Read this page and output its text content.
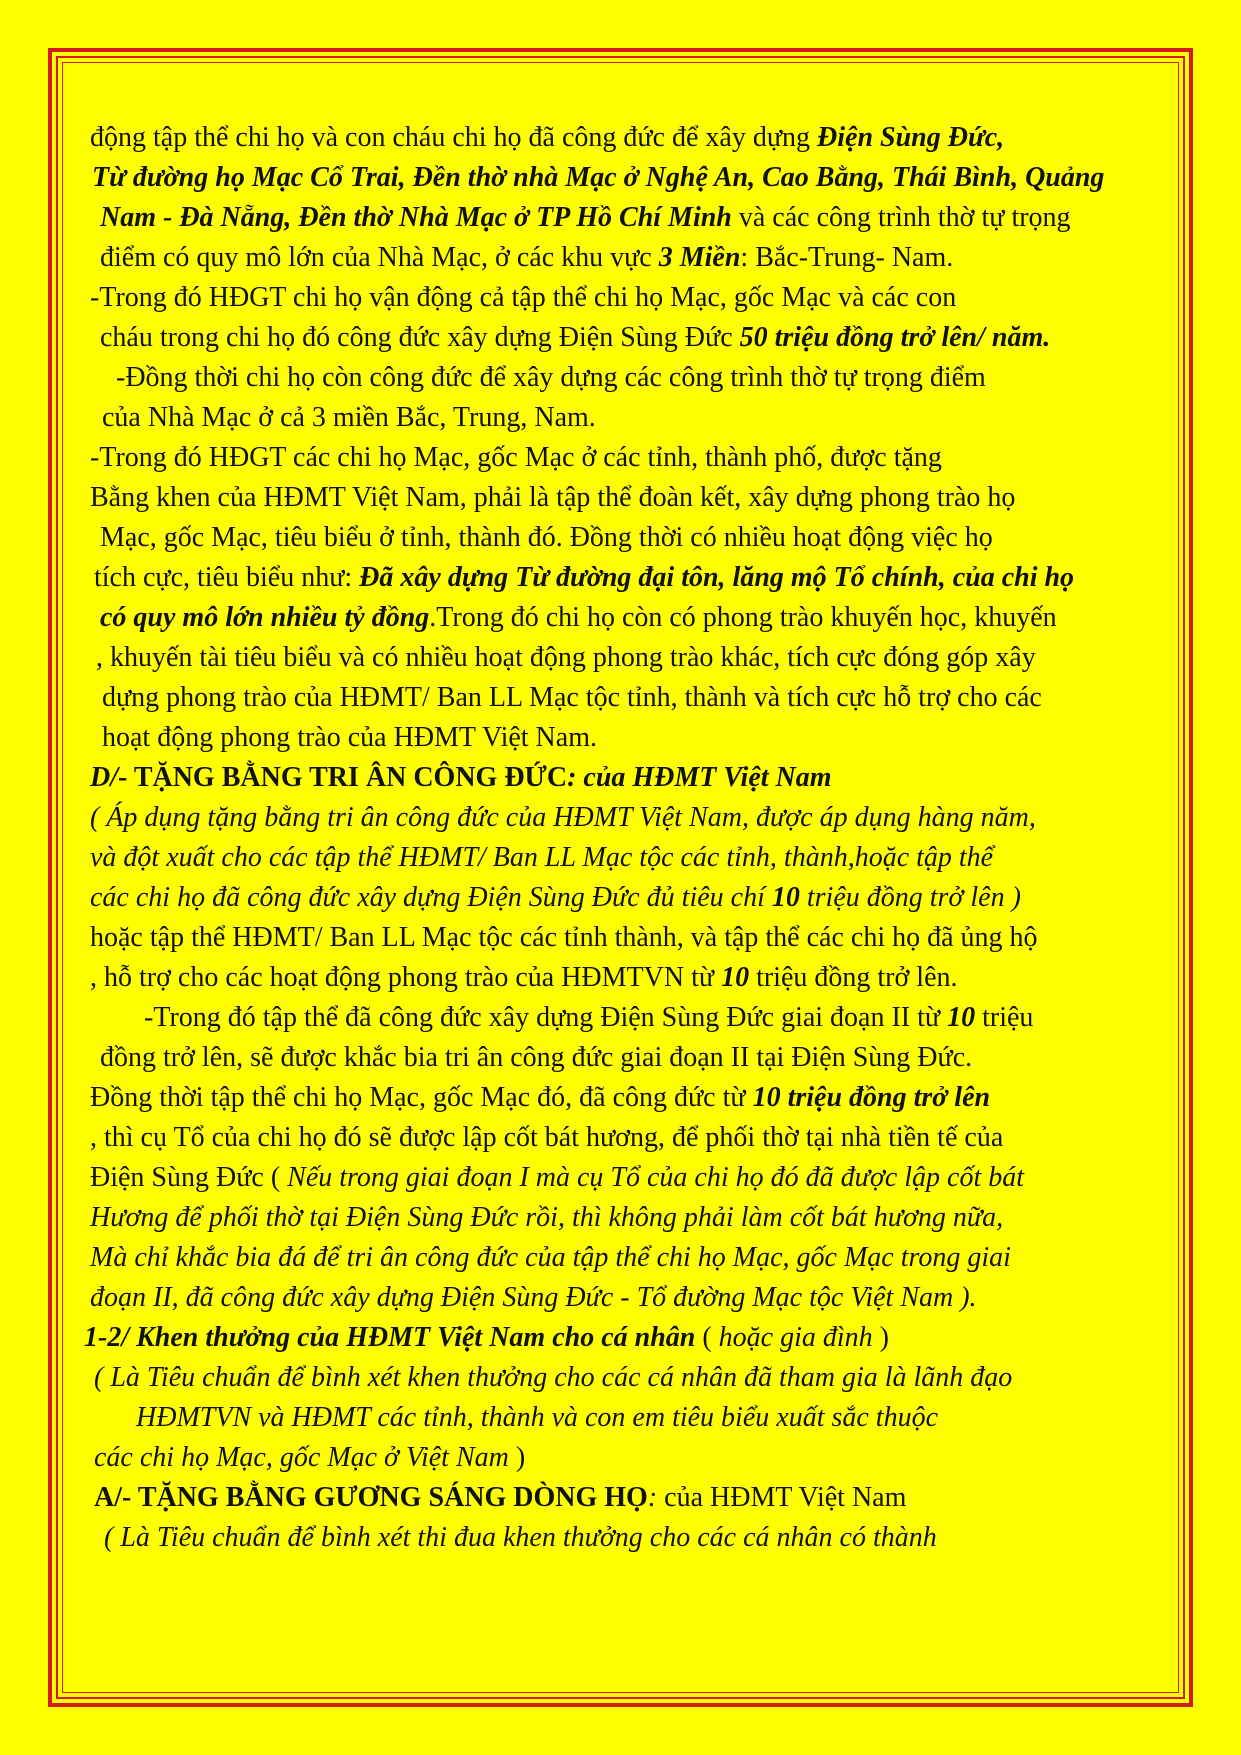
động tập thể chi họ và con cháu chi họ đã công đức để xây dựng Điện Sùng Đức,
Từ đường họ Mạc Cổ Trai, Đền thờ nhà Mạc ở Nghệ An, Cao Bằng, Thái Bình, Quảng
Nam - Đà Nẵng, Đền thờ Nhà Mạc ở TP Hồ Chí Minh và các công trình thờ tự trọng
điểm có quy mô lớn của Nhà Mạc, ở các khu vực 3 Miền: Bắc-Trung- Nam.
-Trong đó HĐGT chi họ vận động cả tập thể chi họ Mạc, gốc Mạc và các con
cháu trong chi họ đó công đức xây dựng Điện Sùng Đức 50 triệu đồng trở lên/ năm.
-Đồng thời chi họ còn công đức để xây dựng các công trình thờ tự trọng điểm
của Nhà Mạc ở cả 3 miền Bắc, Trung, Nam.
-Trong đó HĐGT các chi họ Mạc, gốc Mạc ở các tỉnh, thành phố, được tặng
Bằng khen của HĐMT Việt Nam, phải là tập thể đoàn kết, xây dựng phong trào họ
Mạc, gốc Mạc, tiêu biểu ở tỉnh, thành đó. Đồng thời có nhiều hoạt động việc họ
tích cực, tiêu biểu như: Đã xây dựng Từ đường đại tôn, lăng mộ Tổ chính, của chi họ
có quy mô lớn nhiều tỷ đồng.Trong đó chi họ còn có phong trào khuyến học, khuyến
, khuyến tài tiêu biểu và có nhiều hoạt động phong trào khác, tích cực đóng góp xây
dựng phong trào của HĐMT/ Ban LL Mạc tộc tỉnh, thành và tích cực hỗ trợ cho các
hoạt động phong trào của HĐMT Việt Nam.
D/- TẶNG BẰNG TRI ÂN CÔNG ĐỨC: của HĐMT Việt Nam
( Áp dụng tặng bằng tri ân công đức của HĐMT Việt Nam, được áp dụng hàng năm,
và đột xuất cho các tập thể HĐMT/ Ban LL Mạc tộc các tỉnh, thành,hoặc tập thể
các chi họ đã công đức xây dựng Điện Sùng Đức đủ tiêu chí 10 triệu đồng trở lên )
hoặc tập thể HĐMT/ Ban LL Mạc tộc các tỉnh thành, và tập thể các chi họ đã ủng hộ
, hỗ trợ cho các hoạt động phong trào của HĐMTVN từ 10 triệu đồng trở lên.
-Trong đó tập thể đã công đức xây dựng Điện Sùng Đức giai đoạn II từ 10 triệu
đồng trở lên, sẽ được khắc bia tri ân công đức giai đoạn II tại Điện Sùng Đức.
Đồng thời tập thể chi họ Mạc, gốc Mạc đó, đã công đức từ 10 triệu đồng trở lên
, thì cụ Tổ của chi họ đó sẽ được lập cốt bát hương, để phối thờ tại nhà tiền tế của
Điện Sùng Đức ( Nếu trong giai đoạn I mà cụ Tổ của chi họ đó đã được lập cốt bát
Hương để phối thờ tại Điện Sùng Đức rồi, thì không phải làm cốt bát hương nữa,
Mà chỉ khắc bia đá để tri ân công đức của tập thể chi họ Mạc, gốc Mạc trong giai
đoạn II, đã công đức xây dựng Điện Sùng Đức - Tổ đường Mạc tộc Việt Nam ).
1-2/ Khen thưởng của HĐMT Việt Nam cho cá nhân ( hoặc gia đình )
( Là Tiêu chuẩn để bình xét khen thưởng cho các cá nhân đã tham gia là lãnh đạo
HĐMTVN và HĐMT các tỉnh, thành và con em tiêu biểu xuất sắc thuộc
các chi họ Mạc, gốc Mạc ở Việt Nam )
A/- TẶNG BẰNG GƯƠNG SÁNG DÒNG HỌ: của HĐMT Việt Nam
( Là Tiêu chuẩn để bình xét thi đua khen thưởng cho các cá nhân có thành
